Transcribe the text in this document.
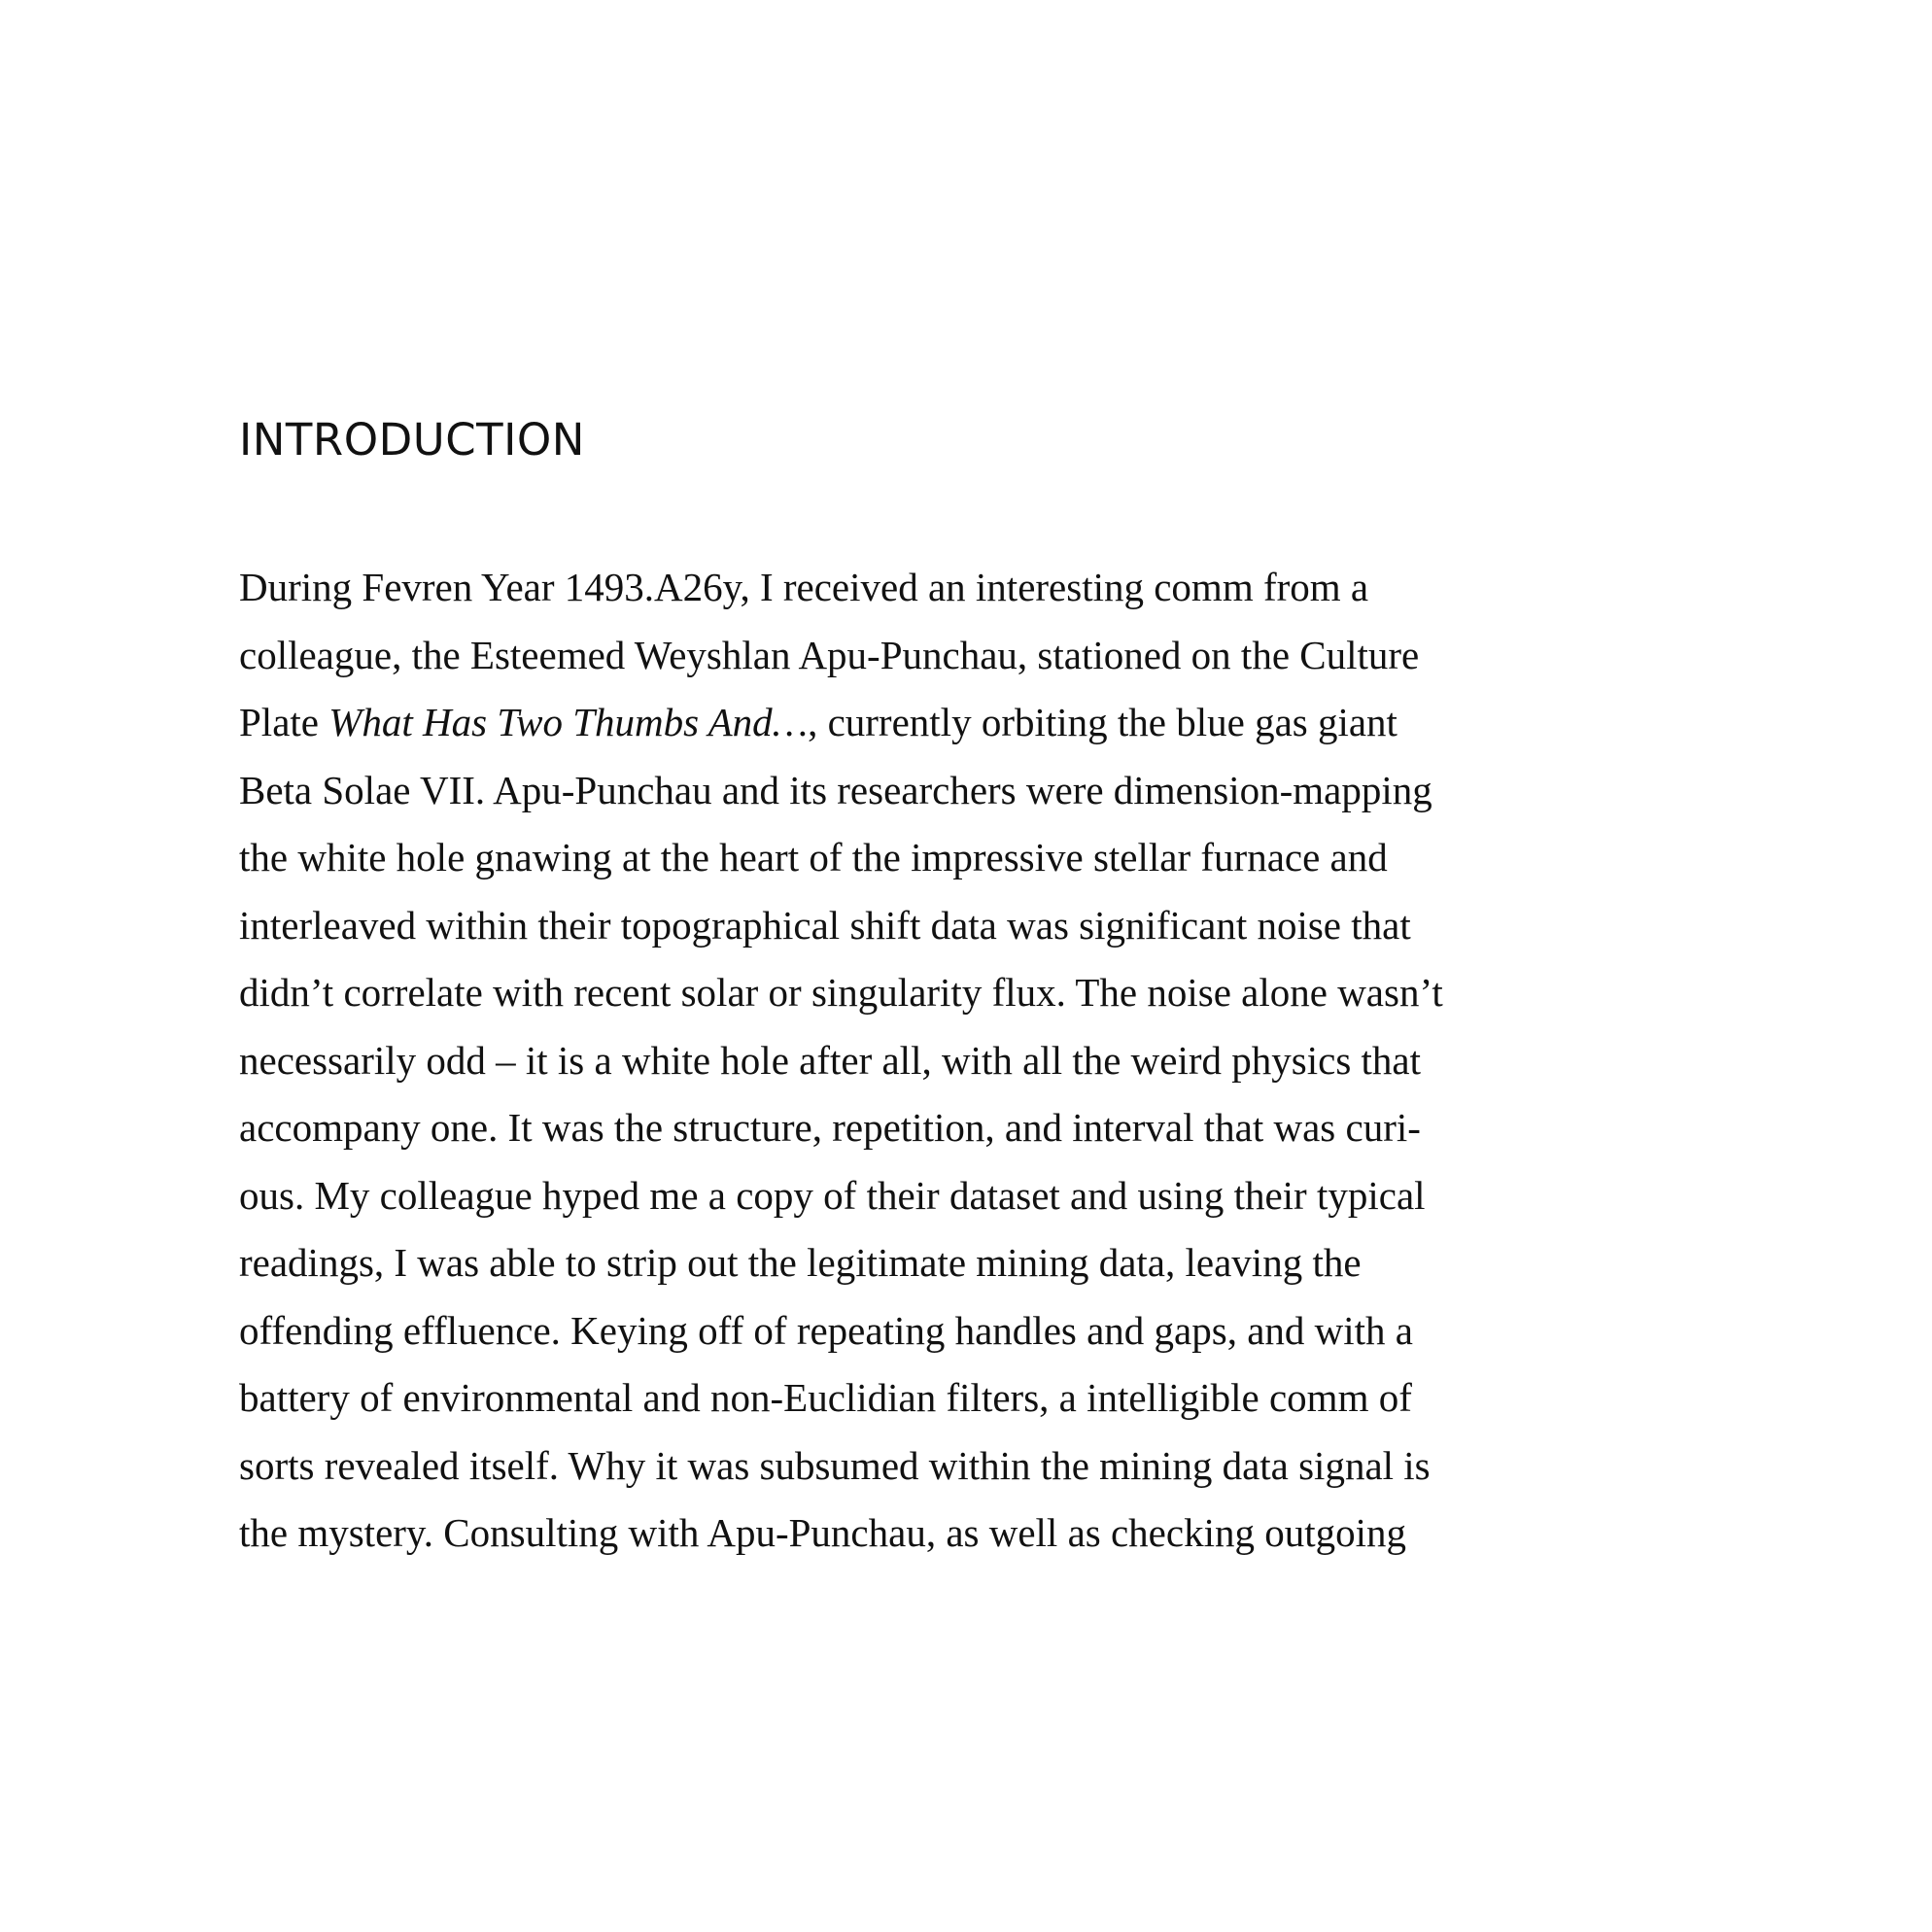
INTRODUCTION
During Fevren Year 1493.A26y, I received an interesting comm from a
colleague, the Esteemed Weyshlan Apu-Punchau, stationed on the Culture
Plate What Has Two Thumbs And…, currently orbiting the blue gas giant
Beta Solae VII. Apu-Punchau and its researchers were dimension-mapping
the white hole gnawing at the heart of the impressive stellar furnace and
interleaved within their topographical shift data was significant noise that
didn’t correlate with recent solar or singularity flux. The noise alone wasn’t
necessarily odd – it is a white hole after all, with all the weird physics that
accompany one. It was the structure, repetition, and interval that was curi-
ous. My colleague hyped me a copy of their dataset and using their typical
readings, I was able to strip out the legitimate mining data, leaving the
offending effluence. Keying off of repeating handles and gaps, and with a
battery of environmental and non-Euclidian filters, a intelligible comm of
sorts revealed itself. Why it was subsumed within the mining data signal is
the mystery. Consulting with Apu-Punchau, as well as checking outgoing
